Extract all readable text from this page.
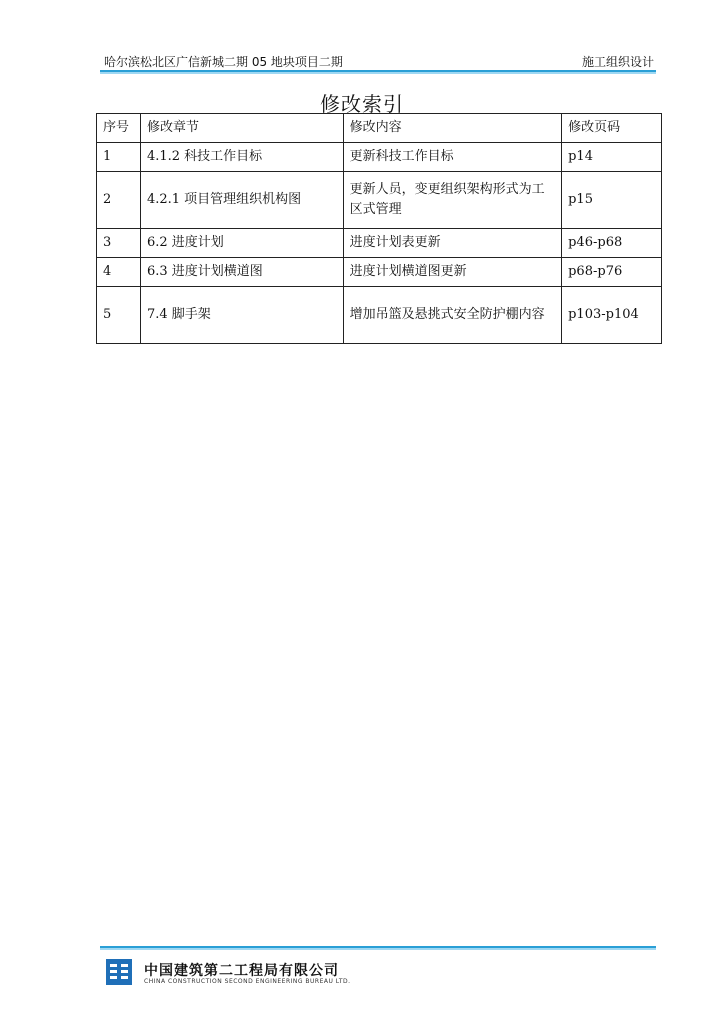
哈尔滨松北区广信新城二期 05 地块项目二期	施工组织设计
修改索引
序号	修改章节	修改内容	修改页码
1	4.1.2 科技工作目标	更新科技工作目标	p14
2	4.2.1 项目管理组织机构图	更新人员，变更组织架构形式为工区式管理	p15
3	6.2 进度计划	进度计划表更新	p46-p68
4	6.3 进度计划横道图	进度计划横道图更新	p68-p76
5	7.4 脚手架	增加吊篮及悬挑式安全防护棚内容	p103-p104
中国建筑第二工程局有限公司
CHINA CONSTRUCTION SECOND ENGINEERING BUREAU LTD.
